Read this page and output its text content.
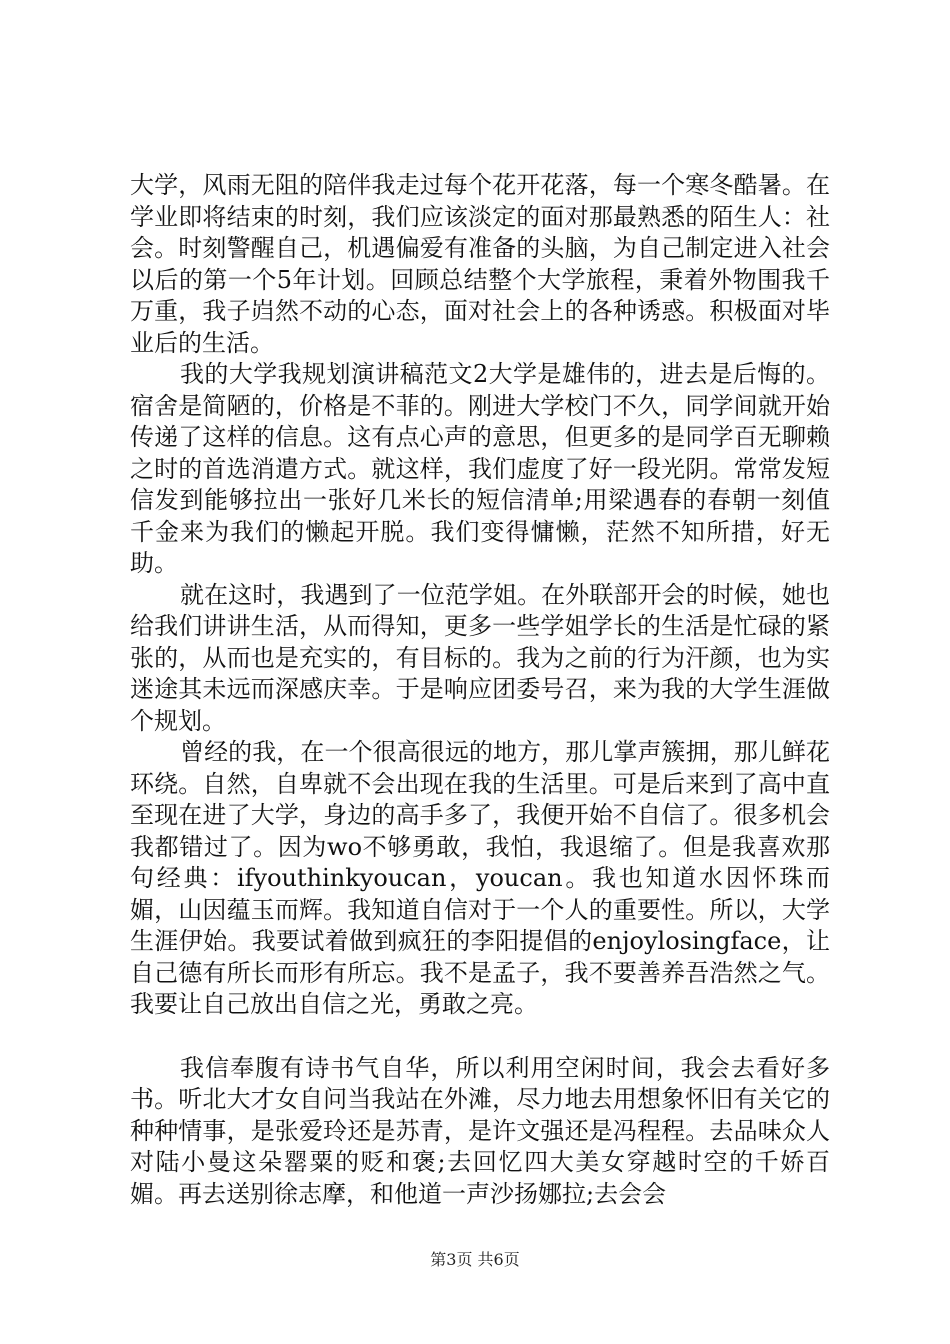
大学，风雨无阻的陪伴我走过每个花开花落，每一个寒冬酷暑。在学业即将结束的时刻，我们应该淡定的面对那最熟悉的陌生人：社会。时刻警醒自己，机遇偏爱有准备的头脑，为自己制定进入社会以后的第一个5年计划。回顾总结整个大学旅程，秉着外物围我千万重，我子岿然不动的心态，面对社会上的各种诱惑。积极面对毕业后的生活。

我的大学我规划演讲稿范文2大学是雄伟的，进去是后悔的。宿舍是简陋的，价格是不菲的。刚进大学校门不久，同学间就开始传递了这样的信息。这有点心声的意思，但更多的是同学百无聊赖之时的首选消遣方式。就这样，我们虚度了好一段光阴。常常发短信发到能够拉出一张好几米长的短信清单;用梁遇春的春朝一刻值千金来为我们的懒起开脱。我们变得慵懒，茫然不知所措，好无助。

就在这时，我遇到了一位范学姐。在外联部开会的时候，她也给我们讲讲生活，从而得知，更多一些学姐学长的生活是忙碌的紧张的，从而也是充实的，有目标的。我为之前的行为汗颜，也为实迷途其未远而深感庆幸。于是响应团委号召，来为我的大学生涯做个规划。

曾经的我，在一个很高很远的地方，那儿掌声簇拥，那儿鲜花环绕。自然，自卑就不会出现在我的生活里。可是后来到了高中直至现在进了大学，身边的高手多了，我便开始不自信了。很多机会我都错过了。因为wo不够勇敢，我怕，我退缩了。但是我喜欢那句经典：ifyouthinkyoucan，youcan。我也知道水因怀珠而媚，山因蕴玉而辉。我知道自信对于一个人的重要性。所以，大学生涯伊始。我要试着做到疯狂的李阳提倡的enjoylosingface，让自己德有所长而形有所忘。我不是孟子，我不要善养吾浩然之气。我要让自己放出自信之光，勇敢之亮。

我信奉腹有诗书气自华，所以利用空闲时间，我会去看好多书。听北大才女自问当我站在外滩，尽力地去用想象怀旧有关它的种种情事，是张爱玲还是苏青，是许文强还是冯程程。去品味众人对陆小曼这朵罂粟的贬和褒;去回忆四大美女穿越时空的千娇百媚。再去送别徐志摩，和他道一声沙扬娜拉;去会会

第3页 共6页
